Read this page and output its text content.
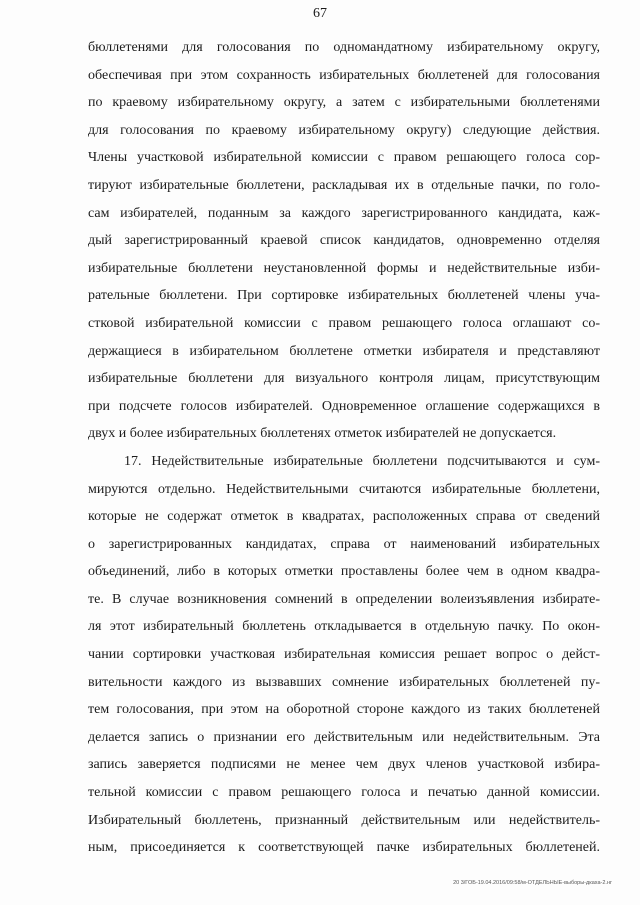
67
бюллетенями для голосования по одномандатному избирательному округу,
обеспечивая при этом сохранность избирательных бюллетеней для голосования
по краевому избирательному округу, а затем с избирательными бюллетенями
для голосования по краевому избирательному округу) следующие действия.
Члены участковой избирательной комиссии с правом решающего голоса сор-
тируют избирательные бюллетени, раскладывая их в отдельные пачки, по голо-
сам избирателей, поданным за каждого зарегистрированного кандидата, каж-
дый зарегистрированный краевой список кандидатов, одновременно отделяя
избирательные бюллетени неустановленной формы и недействительные изби-
рательные бюллетени. При сортировке избирательных бюллетеней члены уча-
стковой избирательной комиссии с правом решающего голоса оглашают со-
держащиеся в избирательном бюллетене отметки избирателя и представляют
избирательные бюллетени для визуального контроля лицам, присутствующим
при подсчете голосов избирателей. Одновременное оглашение содержащихся в
двух и более избирательных бюллетенях отметок избирателей не допускается.
17. Недействительные избирательные бюллетени подсчитываются и сум-
мируются отдельно. Недействительными считаются избирательные бюллетени,
которые не содержат отметок в квадратах, расположенных справа от сведений
о зарегистрированных кандидатах, справа от наименований избирательных
объединений, либо в которых отметки проставлены более чем в одном квадра-
те. В случае возникновения сомнений в определении волеизъявления избирате-
ля этот избирательный бюллетень откладывается в отдельную пачку. По окон-
чании сортировки участковая избирательная комиссия решает вопрос о дейст-
вительности каждого из вызвавших сомнение избирательных бюллетеней пу-
тем голосования, при этом на оборотной стороне каждого из таких бюллетеней
делается запись о признании его действительным или недействительным. Эта
запись заверяется подписями не менее чем двух членов участковой избира-
тельной комиссии с правом решающего голоса и печатью данной комиссии.
Избирательный бюллетень, признанный действительным или недействитель-
ным, присоединяется к соответствующей пачке избирательных бюллетеней.
20 3/ГОБ-19.04.2016/09:58/м-ОТДЕЛЬНЫЕ-выборы-дкаха-2.нг
